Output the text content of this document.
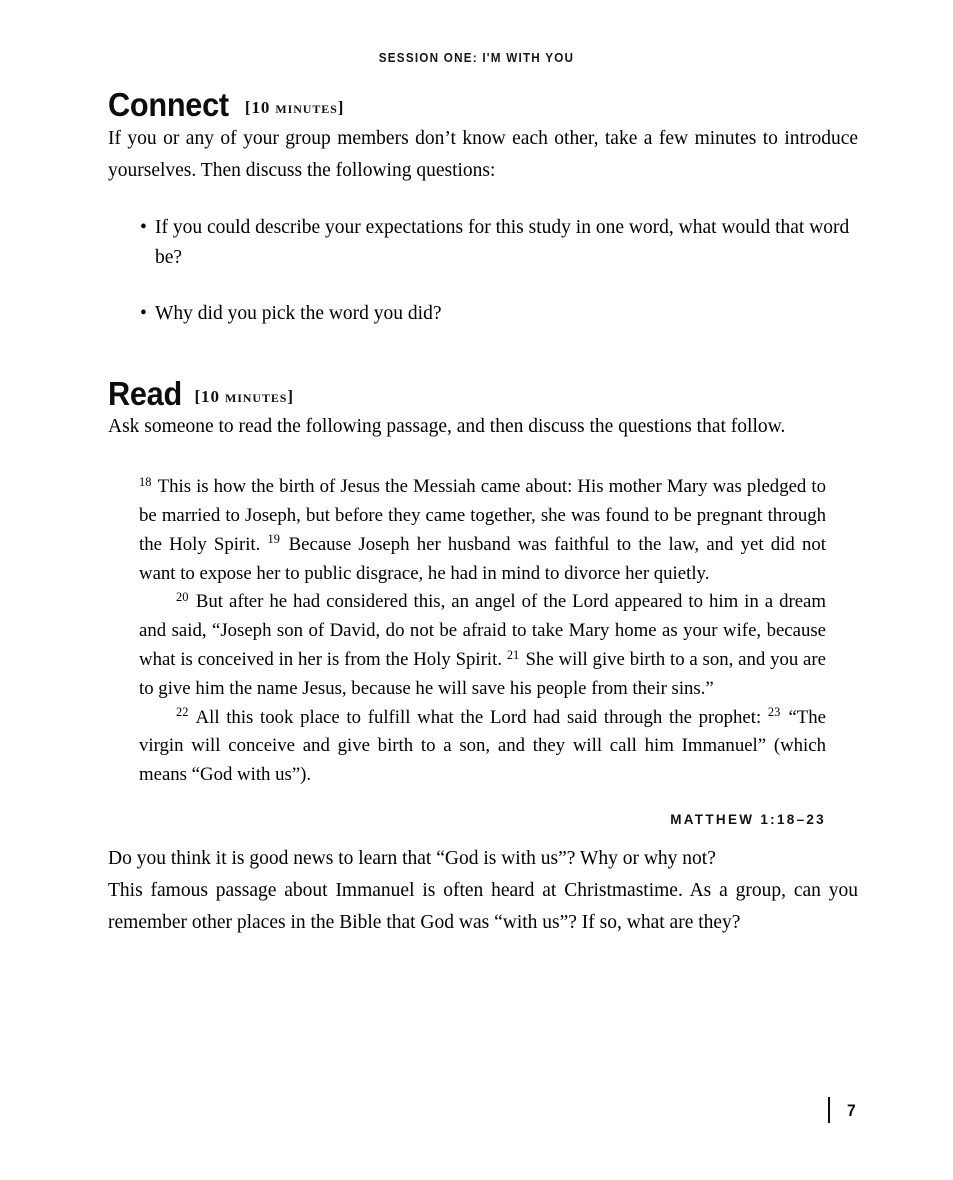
SESSION ONE: I'M WITH YOU
Connect [10 minutes]

If you or any of your group members don’t know each other, take a few minutes to introduce yourselves. Then discuss the following questions:

• If you could describe your expectations for this study in one word, what would that word be?
• Why did you pick the word you did?
Read [10 minutes]

Ask someone to read the following passage, and then discuss the questions that follow.

$^{18}$ This is how the birth of Jesus the Messiah came about: His mother Mary was pledged to be married to Joseph, but before they came together, she was found to be pregnant through the Holy Spirit. $^{19}$ Because Joseph her husband was faithful to the law, and yet did not want to expose her to public disgrace, he had in mind to divorce her quietly.

$^{20}$ But after he had considered this, an angel of the Lord appeared to him in a dream and said, “Joseph son of David, do not be afraid to take Mary home as your wife, because what is conceived in her is from the Holy Spirit. $^{21}$ She will give birth to a son, and you are to give him the name Jesus, because he will save his people from their sins.”

$^{22}$ All this took place to fulfill what the Lord had said through the prophet: $^{23}$ “The virgin will conceive and give birth to a son, and they will call him Immanuel” (which means “God with us”).

MATTHEW 1:18–23

Do you think it is good news to learn that “God is with us”? Why or why not?

This famous passage about Immanuel is often heard at Christmastime. As a group, can you remember other places in the Bible that God was “with us”? If so, what are they?

7
